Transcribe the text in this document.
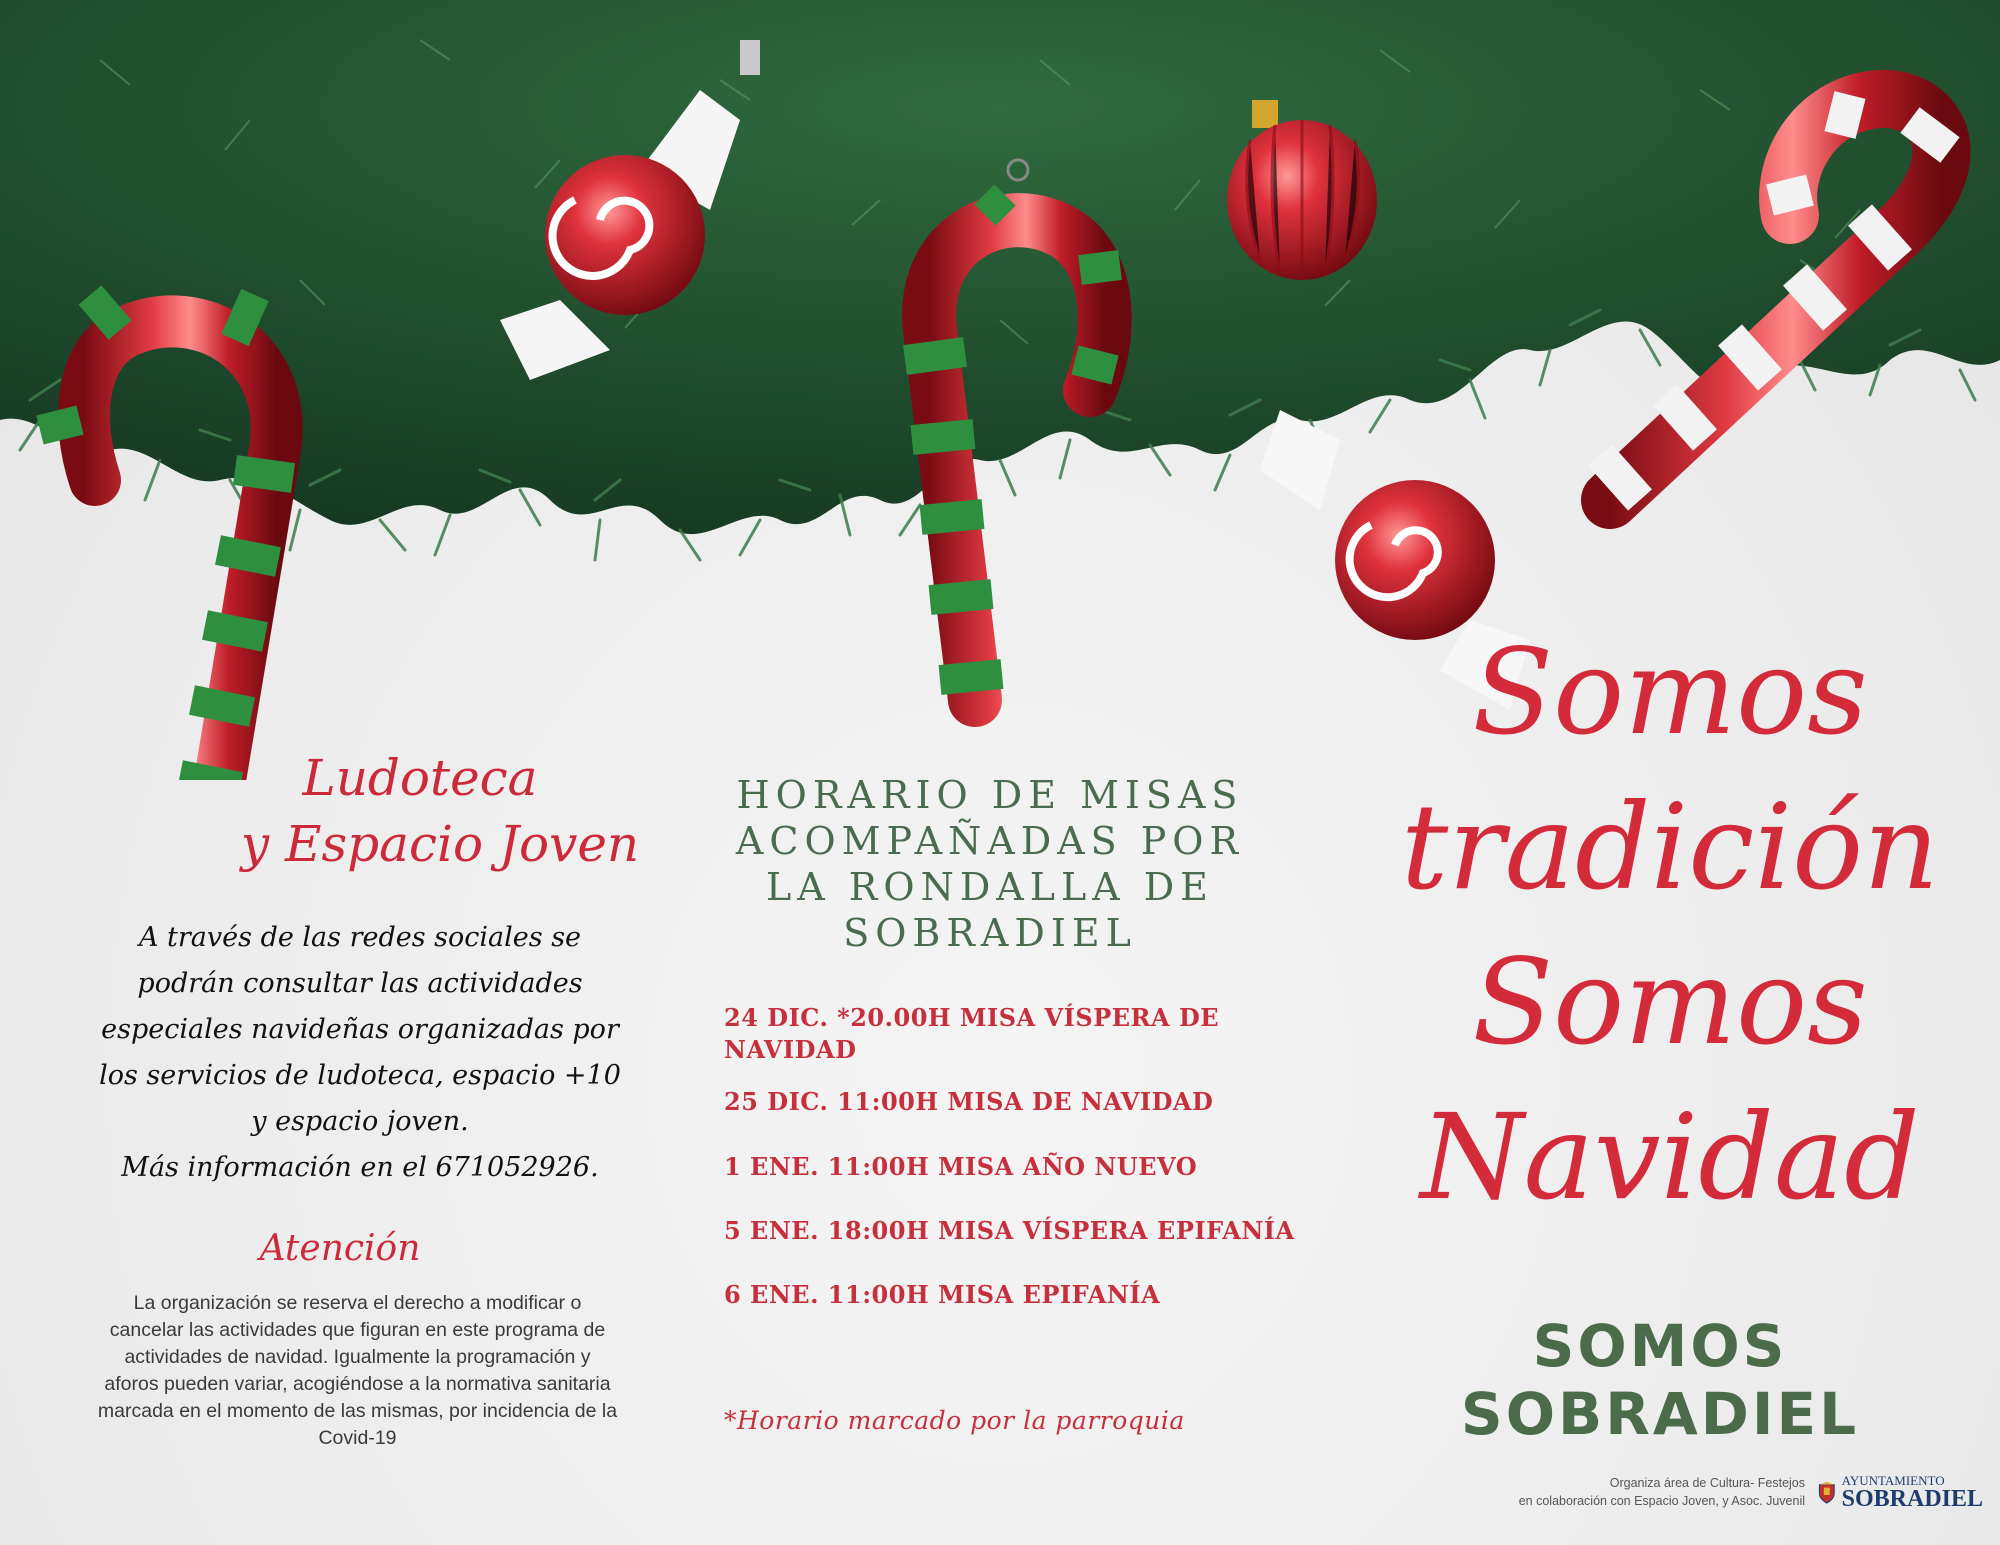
Ludoteca
y Espacio Joven
A través de las redes sociales se
podrán consultar las actividades
especiales navideñas organizadas por
los servicios de ludoteca, espacio +10
y espacio joven.
Más información en el 671052926.
Atención
La organización se reserva el derecho a modificar o cancelar las actividades que figuran en este programa de actividades de navidad. Igualmente la programación y aforos pueden variar, acogiéndose a la normativa sanitaria marcada en el momento de las mismas, por incidencia de la Covid-19
HORARIO DE MISAS
ACOMPAÑADAS POR
LA RONDALLA DE
SOBRADIEL
24 DIC. *20.00H MISA VÍSPERA DE NAVIDAD
25 DIC. 11:00H MISA DE NAVIDAD
1 ENE. 11:00H MISA AÑO NUEVO
5 ENE. 18:00H MISA VÍSPERA EPIFANÍA
6 ENE. 11:00H MISA EPIFANÍA
*Horario marcado por la parroquia
Somos
tradición
Somos
Navidad
SOMOS SOBRADIEL
Organiza área de Cultura- Festejos
en colaboración con Espacio Joven, y Asoc. Juvenil
AYUNTAMIENTO
SOBRADIEL
